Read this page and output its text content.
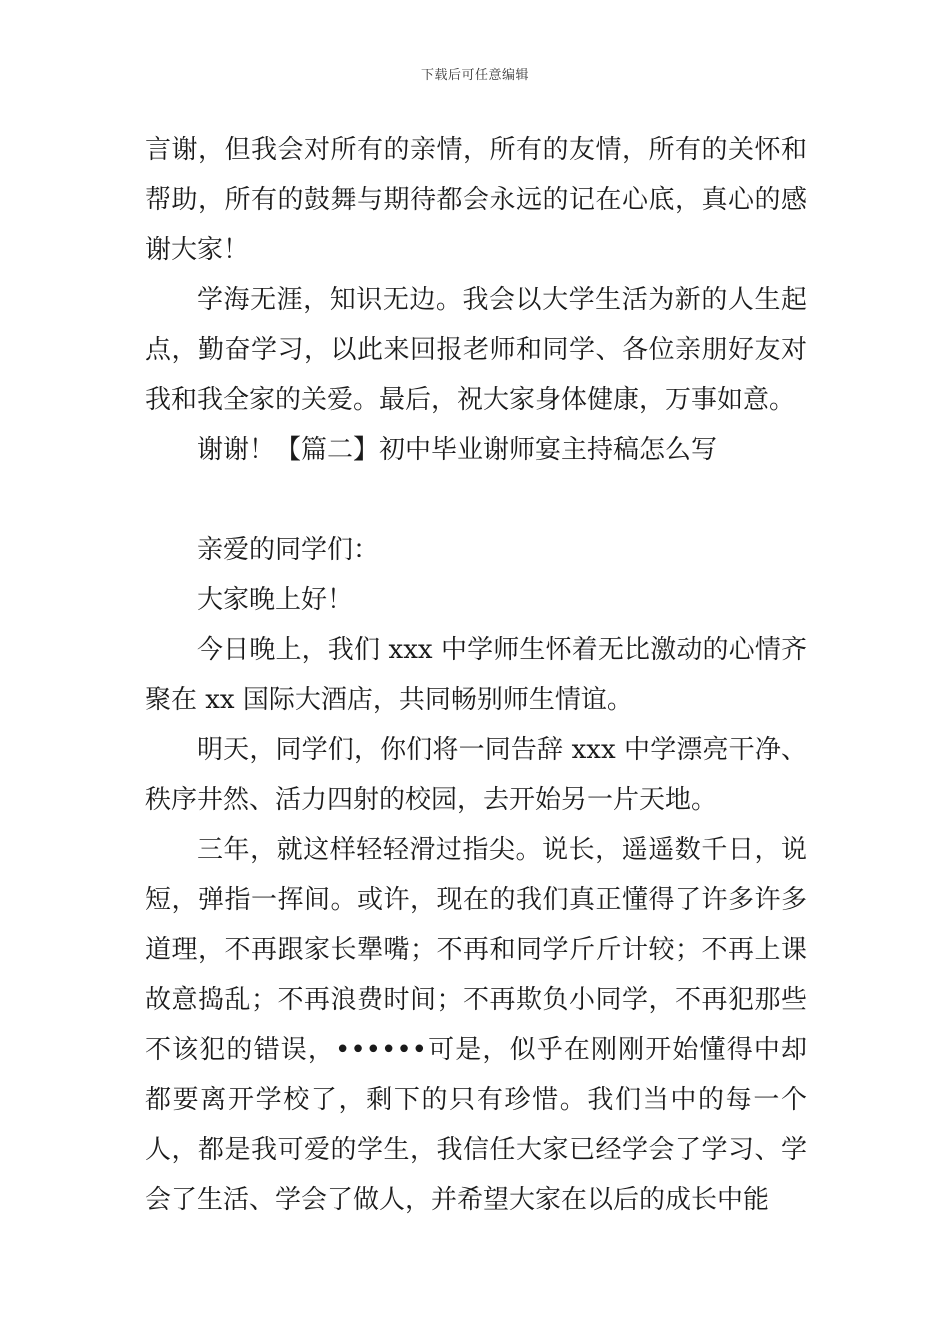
下载后可任意编辑

言谢，但我会对所有的亲情，所有的友情，所有的关怀和帮助，所有的鼓舞与期待都会永远的记在心底，真心的感谢大家！

学海无涯，知识无边。我会以大学生活为新的人生起点，勤奋学习，以此来回报老师和同学、各位亲朋好友对我和我全家的关爱。最后，祝大家身体健康，万事如意。

谢谢！【篇二】初中毕业谢师宴主持稿怎么写

亲爱的同学们：

大家晚上好！

今日晚上，我们 xxx 中学师生怀着无比激动的心情齐聚在 xx 国际大酒店，共同畅别师生情谊。

明天，同学们，你们将一同告辞 xxx 中学漂亮干净、秩序井然、活力四射的校园，去开始另一片天地。

三年，就这样轻轻滑过指尖。说长，遥遥数千日，说短，弹指一挥间。或许，现在的我们真正懂得了许多许多道理，不再跟家长犟嘴；不再和同学斤斤计较；不再上课故意捣乱；不再浪费时间；不再欺负小同学，不再犯那些不该犯的错误，••••••可是，似乎在刚刚开始懂得中却都要离开学校了，剩下的只有珍惜。我们当中的每一个人，都是我可爱的学生，我信任大家已经学会了学习、学会了生活、学会了做人，并希望大家在以后的成长中能
